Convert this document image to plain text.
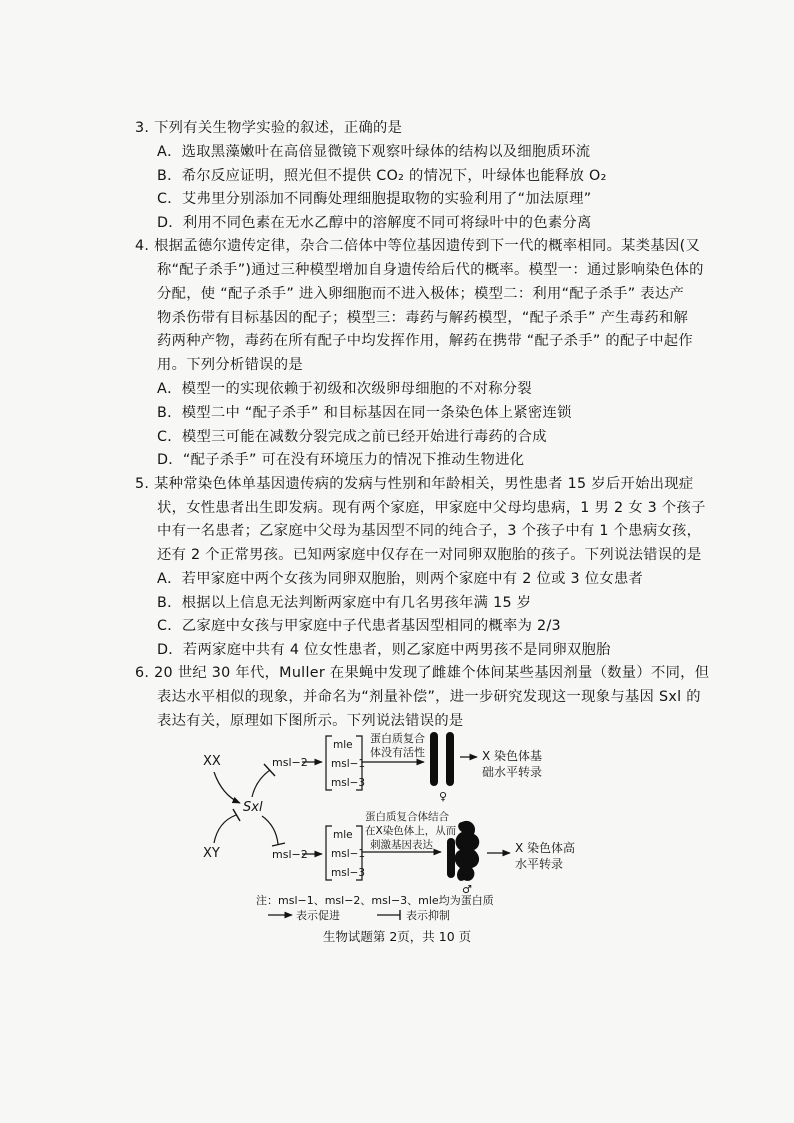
3. 下列有关生物学实验的叙述，正确的是
A．选取黑藻嫩叶在高倍显微镜下观察叶绿体的结构以及细胞质环流
B．希尔反应证明，照光但不提供 CO₂ 的情况下，叶绿体也能释放 O₂
C．艾弗里分别添加不同酶处理细胞提取物的实验利用了“加法原理”
D．利用不同色素在无水乙醇中的溶解度不同可将绿叶中的色素分离
4. 根据孟德尔遗传定律，杂合二倍体中等位基因遗传到下一代的概率相同。某类基因(又
称“配子杀手”)通过三种模型增加自身遗传给后代的概率。模型一：通过影响染色体的
分配，使 “配子杀手” 进入卵细胞而不进入极体；模型二：利用“配子杀手” 表达产
物杀伤带有目标基因的配子；模型三：毒药与解药模型，“配子杀手” 产生毒药和解
药两种产物，毒药在所有配子中均发挥作用，解药在携带 “配子杀手” 的配子中起作
用。下列分析错误的是
A．模型一的实现依赖于初级和次级卵母细胞的不对称分裂
B．模型二中 “配子杀手” 和目标基因在同一条染色体上紧密连锁
C．模型三可能在减数分裂完成之前已经开始进行毒药的合成
D．“配子杀手” 可在没有环境压力的情况下推动生物进化
5. 某种常染色体单基因遗传病的发病与性别和年龄相关，男性患者 15 岁后开始出现症
状，女性患者出生即发病。现有两个家庭，甲家庭中父母均患病，1 男 2 女 3 个孩子
中有一名患者；乙家庭中父母为基因型不同的纯合子，3 个孩子中有 1 个患病女孩，
还有 2 个正常男孩。已知两家庭中仅存在一对同卵双胞胎的孩子。下列说法错误的是
A．若甲家庭中两个女孩为同卵双胞胎，则两个家庭中有 2 位或 3 位女患者
B．根据以上信息无法判断两家庭中有几名男孩年满 15 岁
C．乙家庭中女孩与甲家庭中子代患者基因型相同的概率为 2/3
D．若两家庭中共有 4 位女性患者，则乙家庭中两男孩不是同卵双胞胎
6. 20 世纪 30 年代，Muller 在果蝇中发现了雌雄个体间某些基因剂量（数量）不同，但
表达水平相似的现象，并命名为“剂量补偿”，进一步研究发现这一现象与基因 Sxl 的
表达有关，原理如下图所示。下列说法错误的是
XX
XY
Sxl
msl−2
mle
msl−1
msl−3
蛋白质复合
体没有活性
♀
X 染色体基
础水平转录
msl−2
mle
msl−1
msl−3
蛋白质复合体结合
在X染色体上，从而
刺激基因表达
♂
X 染色体高
水平转录
注：msl−1、msl−2、msl−3、mle均为蛋白质
表示促进	表示抑制
生物试题第 2页，共 10 页
